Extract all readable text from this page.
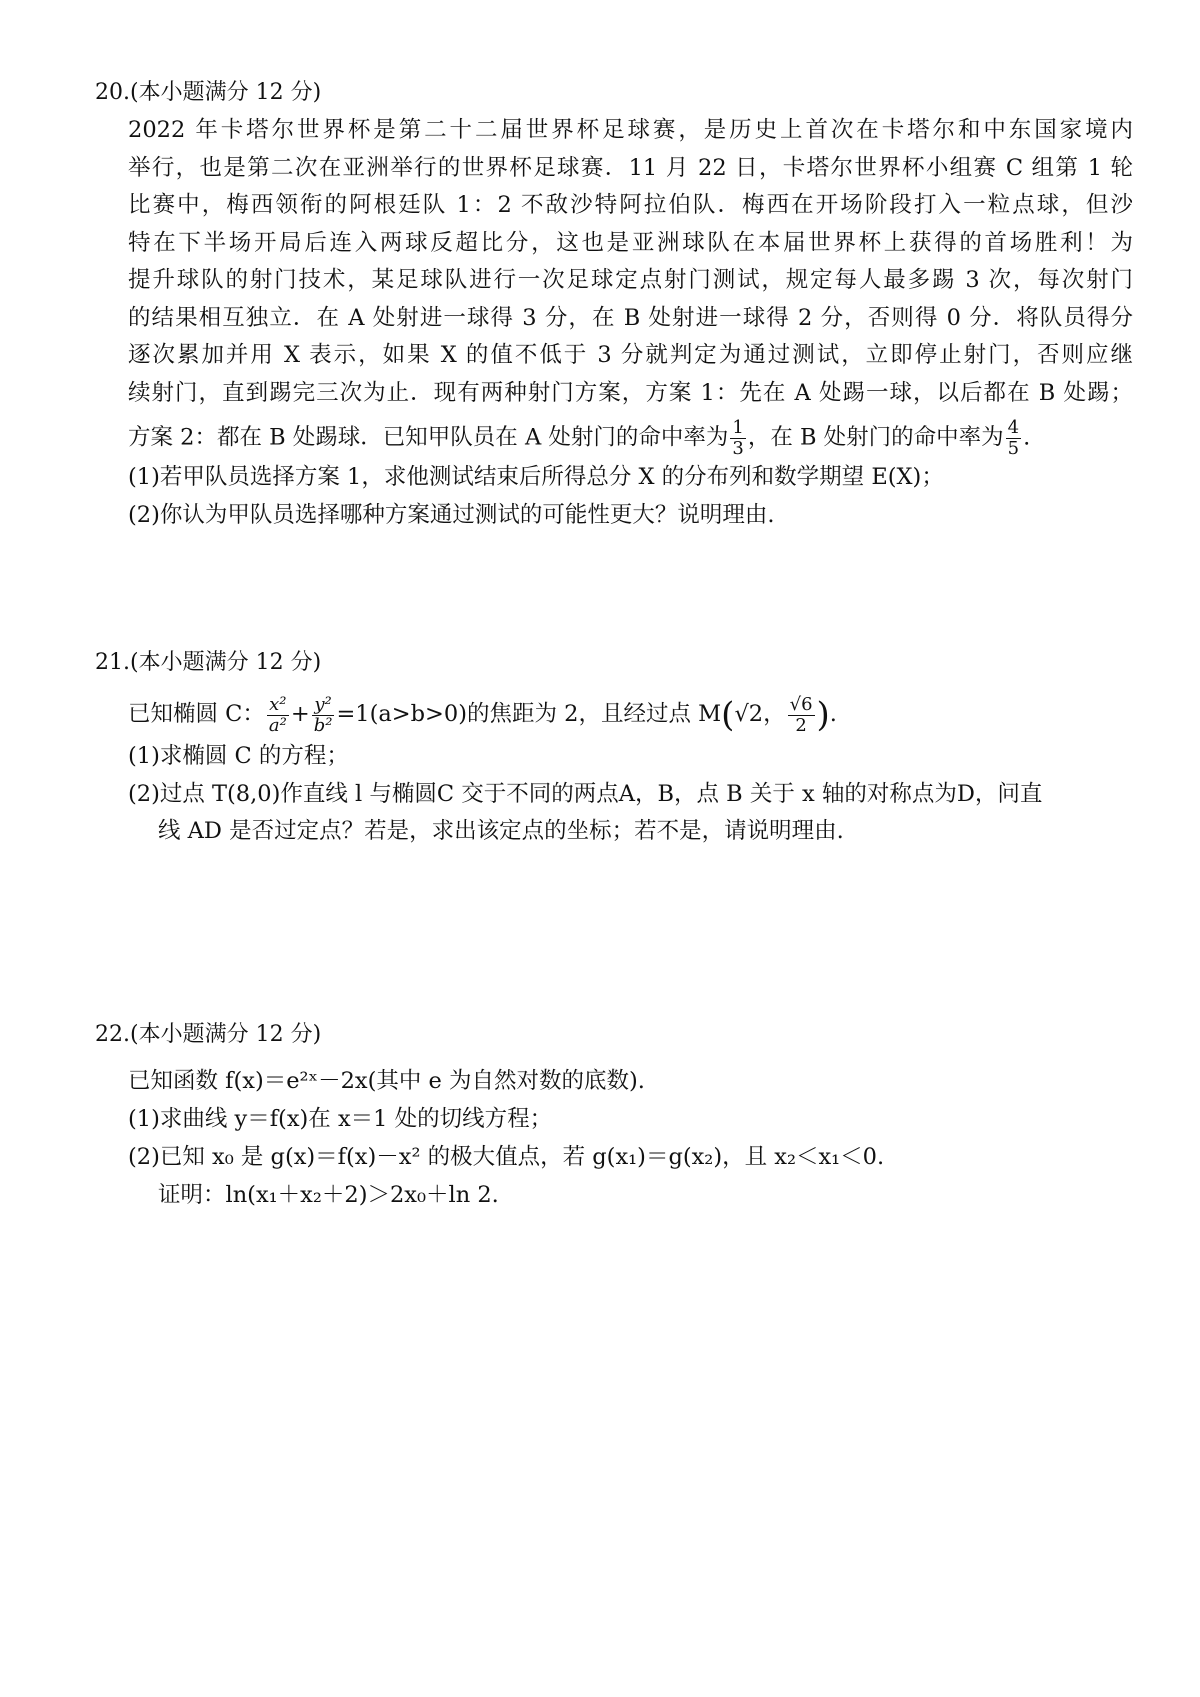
20.(本小题满分 12 分)
2022 年卡塔尔世界杯是第二十二届世界杯足球赛，是历史上首次在卡塔尔和中东国家境内
举行，也是第二次在亚洲举行的世界杯足球赛．11 月 22 日，卡塔尔世界杯小组赛 C 组第 1 轮
比赛中，梅西领衔的阿根廷队 1：2 不敌沙特阿拉伯队．梅西在开场阶段打入一粒点球，但沙
特在下半场开局后连入两球反超比分，这也是亚洲球队在本届世界杯上获得的首场胜利！为
提升球队的射门技术，某足球队进行一次足球定点射门测试，规定每人最多踢 3 次，每次射门
的结果相互独立．在 A 处射进一球得 3 分，在 B 处射进一球得 2 分，否则得 0 分．将队员得分
逐次累加并用 X 表示，如果 X 的值不低于 3 分就判定为通过测试，立即停止射门，否则应继
续射门，直到踢完三次为止．现有两种射门方案，方案 1：先在 A 处踢一球，以后都在 B 处踢；
方案 2：都在 B 处踢球．已知甲队员在 A 处射门的命中率为 $\frac{1}{3}$ ，在 B 处射门的命中率为 $\frac{4}{5}$ .
(1)若甲队员选择方案 1，求他测试结束后所得总分 X 的分布列和数学期望 E(X)；
(2)你认为甲队员选择哪种方案通过测试的可能性更大？说明理由.
21.(本小题满分 12 分)
已知椭圆 C： $\frac{\text{x²}}{\text{a²}} + \frac{\text{y²}}{\text{b²}} =1(a>b>0)$的焦距为 2，且经过点 M(√2， $\frac{√6}{2}$ ).
(1)求椭圆 C 的方程；
(2)过点 T(8,0)作直线 l 与椭圆C 交于不同的两点A，B，点 B 关于 x 轴的对称点为D，问直
线 AD 是否过定点？若是，求出该定点的坐标；若不是，请说明理由.
22.(本小题满分 12 分)
已知函数 f(x)＝e²ˣ－2x(其中 e 为自然对数的底数).
(1)求曲线 y＝f(x)在 x＝1 处的切线方程；
(2)已知 x₀ 是 g(x)＝f(x)－x² 的极大值点，若 g(x₁)＝g(x₂)，且 x₂＜x₁＜0.
证明：ln(x₁＋x₂＋2)＞2x₀＋ln 2.
